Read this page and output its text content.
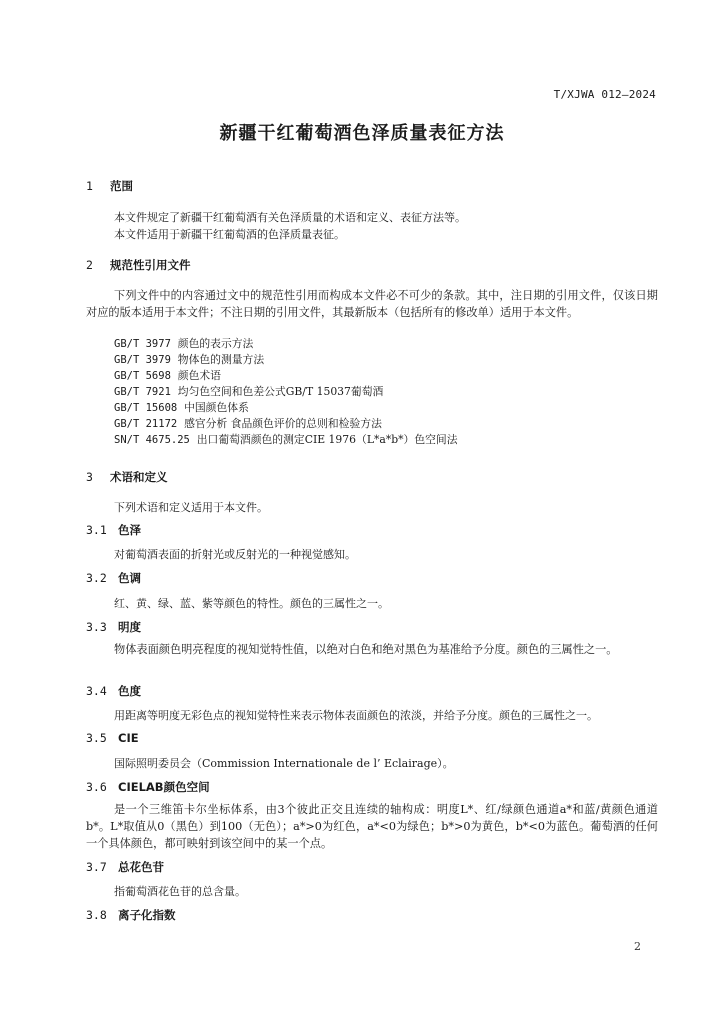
T/XJWA 012—2024
新疆干红葡萄酒色泽质量表征方法
1 范围
本文件规定了新疆干红葡萄酒有关色泽质量的术语和定义、表征方法等。
本文件适用于新疆干红葡萄酒的色泽质量表征。
2 规范性引用文件
下列文件中的内容通过文中的规范性引用而构成本文件必不可少的条款。其中，注日期的引用文件，仅该日期对应的版本适用于本文件；不注日期的引用文件，其最新版本（包括所有的修改单）适用于本文件。
GB/T 3977 颜色的表示方法
GB/T 3979 物体色的测量方法
GB/T 5698 颜色术语
GB/T 7921 均匀色空间和色差公式GB/T 15037葡萄酒
GB/T 15608 中国颜色体系
GB/T 21172 感官分析 食品颜色评价的总则和检验方法
SN/T 4675.25 出口葡萄酒颜色的测定CIE 1976（L*a*b*）色空间法
3 术语和定义
下列术语和定义适用于本文件。
3.1 色泽
对葡萄酒表面的折射光或反射光的一种视觉感知。
3.2 色调
红、黄、绿、蓝、紫等颜色的特性。颜色的三属性之一。
3.3 明度
物体表面颜色明亮程度的视知觉特性值，以绝对白色和绝对黑色为基准给予分度。颜色的三属性之一。
3.4 色度
用距离等明度无彩色点的视知觉特性来表示物体表面颜色的浓淡，并给予分度。颜色的三属性之一。
3.5 CIE
国际照明委员会（Commission Internationale de l’ Eclairage）。
3.6 CIELAB颜色空间
是一个三维笛卡尔坐标体系，由3个彼此正交且连续的轴构成：明度L*、红/绿颜色通道a*和蓝/黄颜色通道b*。L*取值从0（黑色）到100（无色）；a*>0为红色，a*<0为绿色；b*>0为黄色，b*<0为蓝色。葡萄酒的任何一个具体颜色，都可映射到该空间中的某一个点。
3.7 总花色苷
指葡萄酒花色苷的总含量。
3.8 离子化指数
2
